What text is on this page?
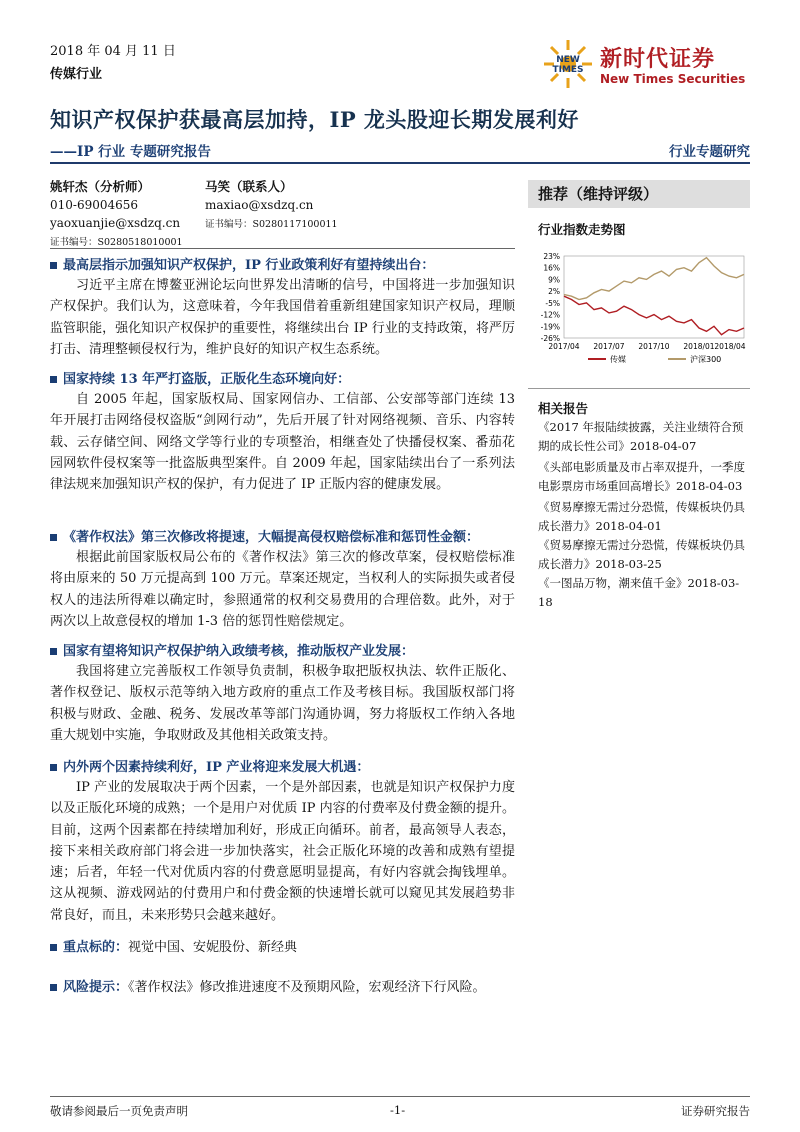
2018 年 04 月 11 日
传媒行业
NEW
TIMES 新时代证券
New Times Securities
知识产权保护获最高层加持，IP 龙头股迎长期发展利好
——IP 行业 专题研究报告	行业专题研究
姚轩杰（分析师）
010-69004656
yaoxuanjie@xsdzq.cn
证书编号：S0280518010001
马笑（联系人）
maxiao@xsdzq.cn
证书编号：S0280117100011
最高层指示加强知识产权保护，IP 行业政策利好有望持续出台：
习近平主席在博鳌亚洲论坛向世界发出清晰的信号，中国将进一步加强知识产权保护。我们认为，这意味着，今年我国借着重新组建国家知识产权局，理顺监管职能，强化知识产权保护的重要性，将继续出台 IP 行业的支持政策，将严厉打击、清理整顿侵权行为，维护良好的知识产权生态系统。
国家持续 13 年严打盗版，正版化生态环境向好：
自 2005 年起，国家版权局、国家网信办、工信部、公安部等部门连续 13 年开展打击网络侵权盗版“剑网行动”，先后开展了针对网络视频、音乐、内容转载、云存储空间、网络文学等行业的专项整治，相继查处了快播侵权案、番茄花园网软件侵权案等一批盗版典型案件。自 2009 年起，国家陆续出台了一系列法律法规来加强知识产权的保护，有力促进了 IP 正版内容的健康发展。
《著作权法》第三次修改将提速，大幅提高侵权赔偿标准和惩罚性金额：
根据此前国家版权局公布的《著作权法》第三次的修改草案，侵权赔偿标准将由原来的 50 万元提高到 100 万元。草案还规定，当权利人的实际损失或者侵权人的违法所得难以确定时，参照通常的权利交易费用的合理倍数。此外，对于两次以上故意侵权的增加 1-3 倍的惩罚性赔偿规定。
国家有望将知识产权保护纳入政绩考核，推动版权产业发展：
我国将建立完善版权工作领导负责制，积极争取把版权执法、软件正版化、著作权登记、版权示范等纳入地方政府的重点工作及考核目标。我国版权部门将积极与财政、金融、税务、发展改革等部门沟通协调，努力将版权工作纳入各地重大规划中实施，争取财政及其他相关政策支持。
内外两个因素持续利好，IP 产业将迎来发展大机遇：
IP 产业的发展取决于两个因素，一个是外部因素，也就是知识产权保护力度以及正版化环境的成熟；一个是用户对优质 IP 内容的付费率及付费金额的提升。目前，这两个因素都在持续增加利好，形成正向循环。前者，最高领导人表态，接下来相关政府部门将会进一步加快落实，社会正版化环境的改善和成熟有望提速；后者，年轻一代对优质内容的付费意愿明显提高，有好内容就会掏钱埋单。这从视频、游戏网站的付费用户和付费金额的快速增长就可以窥见其发展趋势非常良好，而且，未来形势只会越来越好。
重点标的：视觉中国、安妮股份、新经典
风险提示：《著作权法》修改推进速度不及预期风险，宏观经济下行风险。
推荐（维持评级）
行业指数走势图
23%
16%
9%
2%
-5%
-12%
-19%
-26%
2017/04 2017/07 2017/10 2018/01 2018/04
传媒	沪深300
相关报告
《2017 年报陆续披露，关注业绩符合预期的成长性公司》2018-04-07
《头部电影质量及市占率双提升，一季度电影票房市场重回高增长》2018-04-03
《贸易摩擦无需过分恐慌，传媒板块仍具成长潜力》2018-04-01
《贸易摩擦无需过分恐慌，传媒板块仍具成长潜力》2018-03-25
《一图品万物，潮来值千金》2018-03-18
敬请参阅最后一页免责声明	-1-	证券研究报告
